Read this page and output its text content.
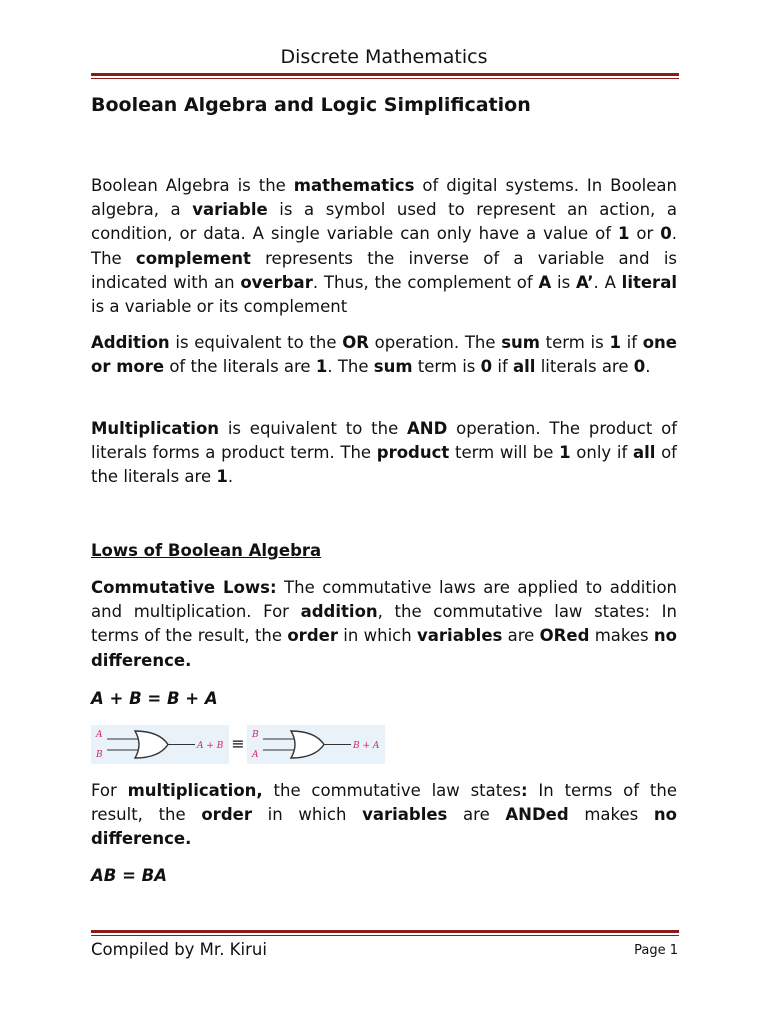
Discrete Mathematics
Boolean Algebra and Logic Simplification

Boolean Algebra is the mathematics of digital systems. In Boolean algebra, a variable is a symbol used to represent an action, a condition, or data. A single variable can only have a value of 1 or 0. The complement represents the inverse of a variable and is indicated with an overbar. Thus, the complement of A is A’. A literal is a variable or its complement

Addition is equivalent to the OR operation. The sum term is 1 if one or more of the literals are 1. The sum term is 0 if all literals are 0.

Multiplication is equivalent to the AND operation. The product of literals forms a product term. The product term will be 1 only if all of the literals are 1.

Lows of Boolean Algebra

Commutative Lows: The commutative laws are applied to addition and multiplication. For addition, the commutative law states: In terms of the result, the order in which variables are ORed makes no difference.

A + B = B + A
A
B
A + B ≡ B
A
B + A

For multiplication, the commutative law states: In terms of the result, the order in which variables are ANDed makes no difference.

AB = BA
Compiled by Mr. Kirui	Page 1
